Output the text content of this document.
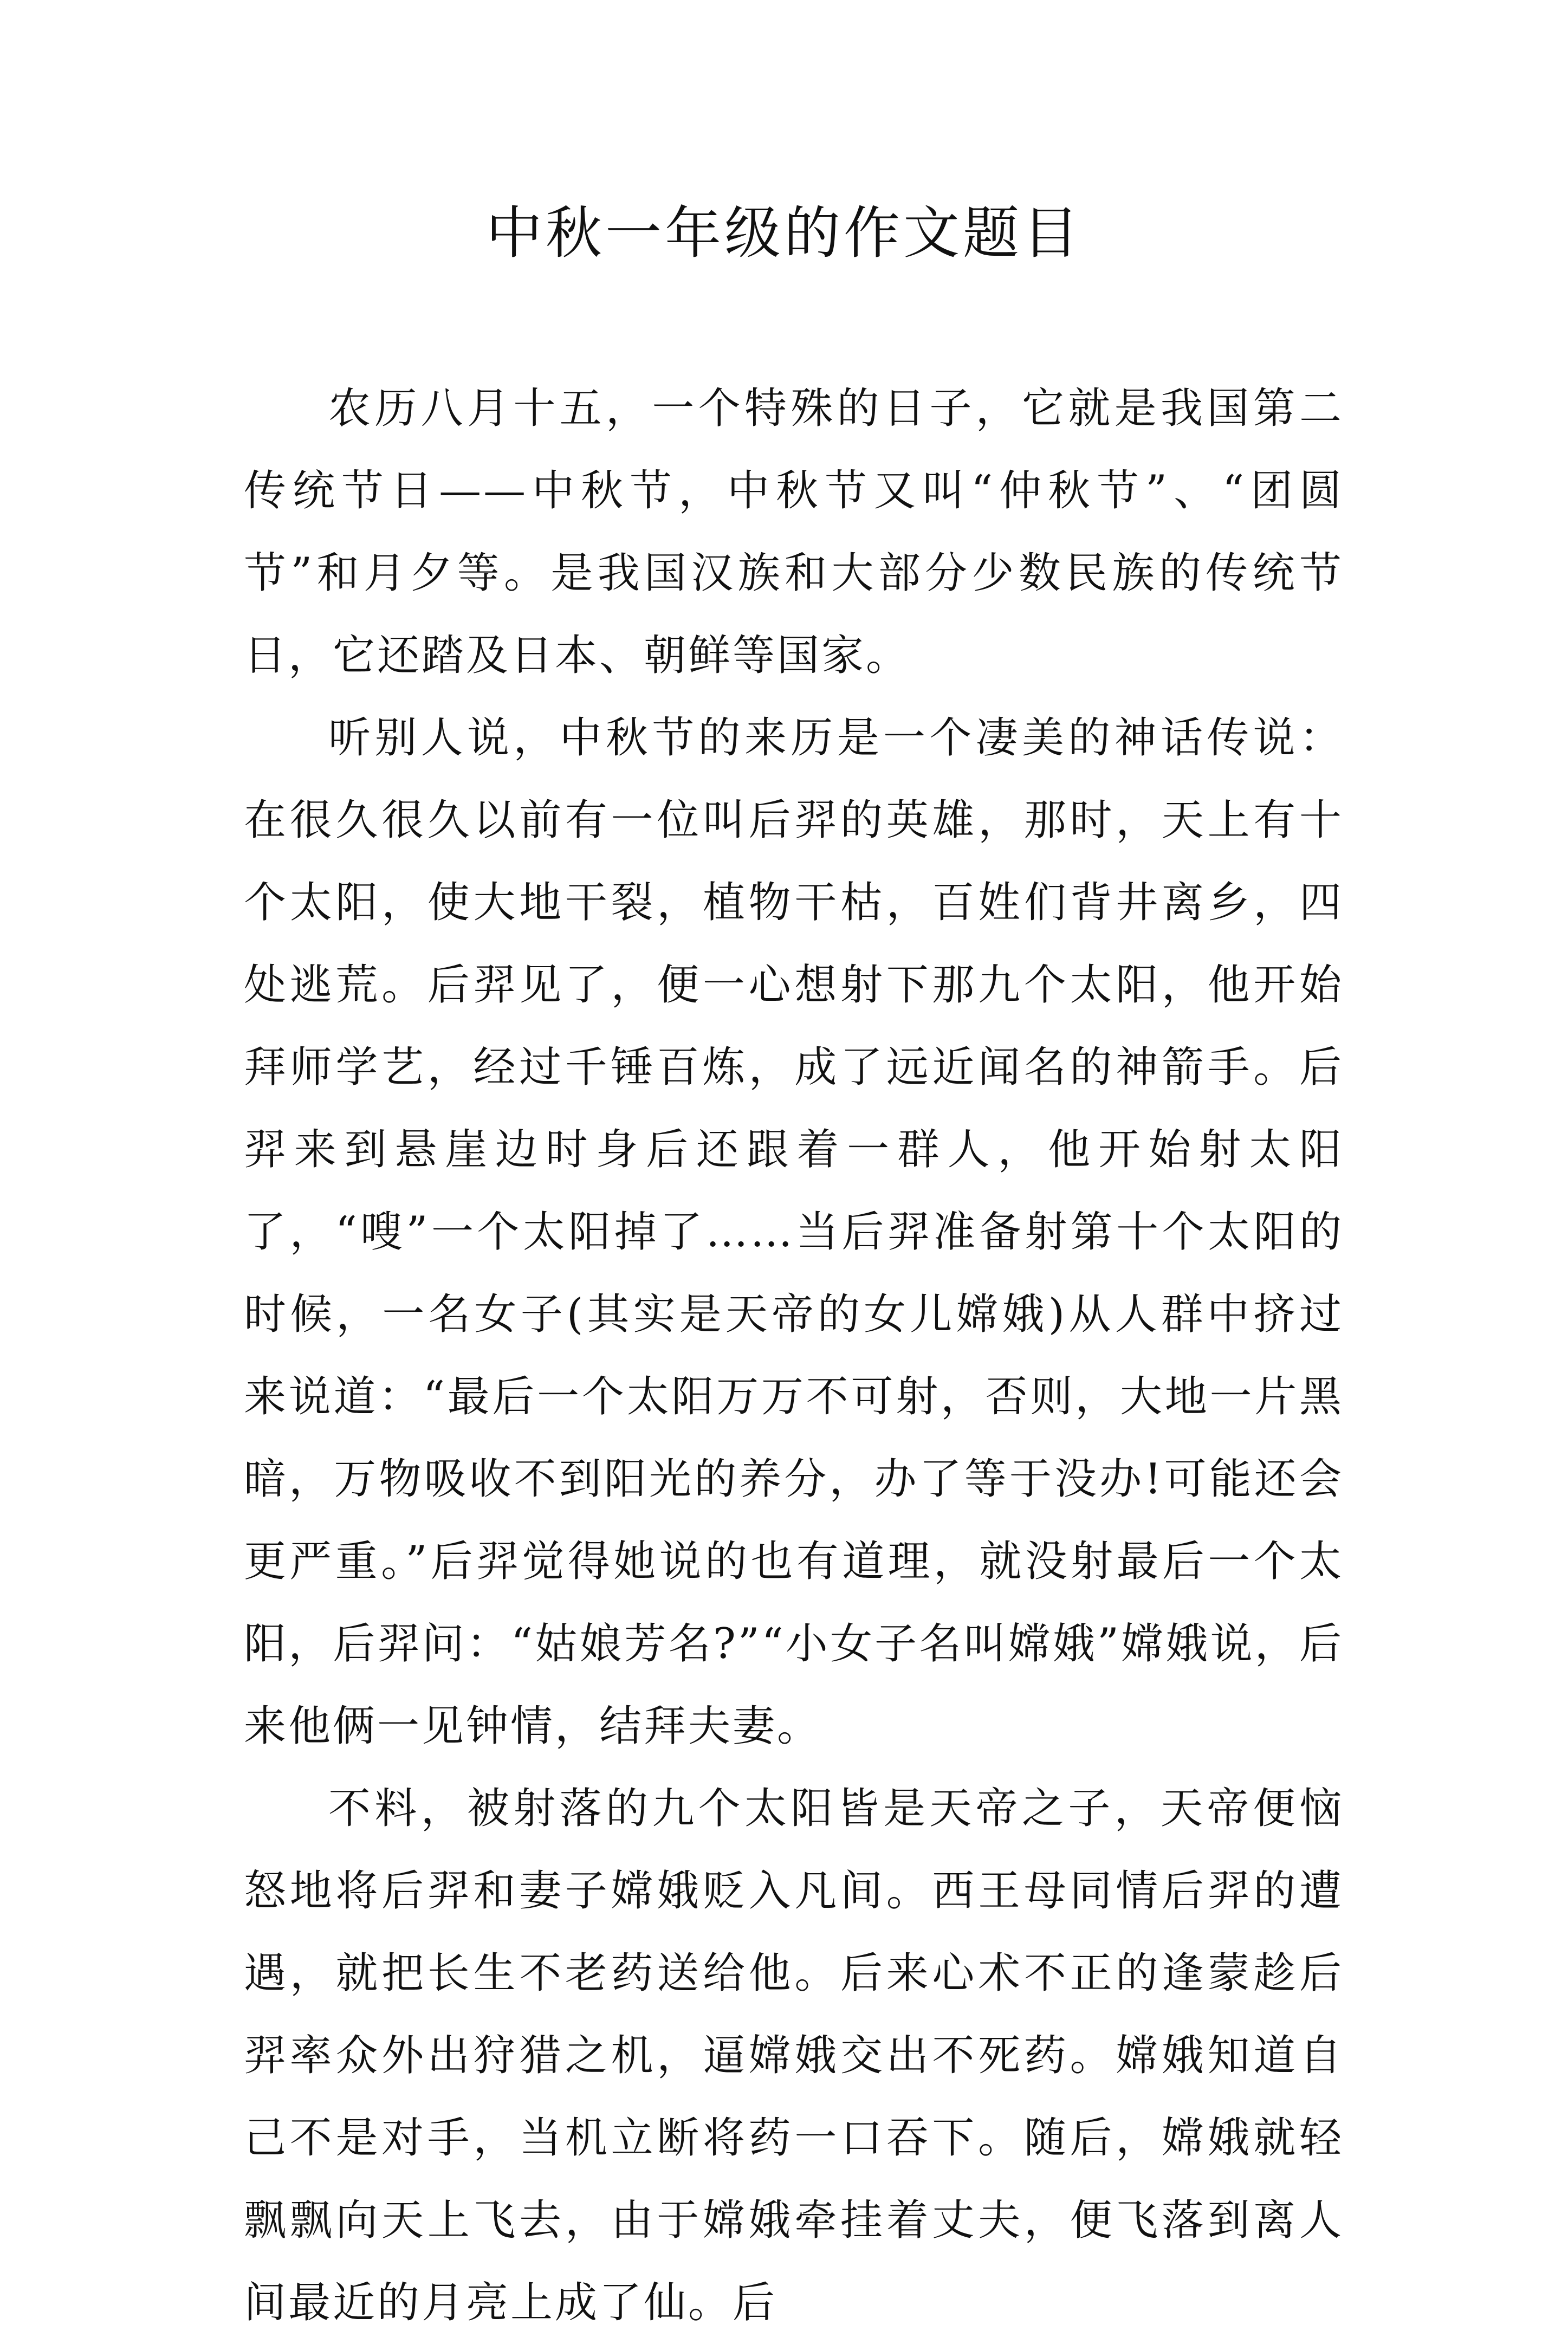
中秋一年级的作文题目

农历八月十五，一个特殊的日子，它就是我国第二传统节日——中秋节，中秋节又叫“仲秋节”、“团圆节”和月夕等。是我国汉族和大部分少数民族的传统节日，它还踏及日本、朝鲜等国家。

听别人说，中秋节的来历是一个凄美的神话传说：在很久很久以前有一位叫后羿的英雄，那时，天上有十个太阳，使大地干裂，植物干枯，百姓们背井离乡，四处逃荒。后羿见了，便一心想射下那九个太阳，他开始拜师学艺，经过千锤百炼，成了远近闻名的神箭手。后羿来到悬崖边时身后还跟着一群人，他开始射太阳了，“嗖”一个太阳掉了……当后羿准备射第十个太阳的时候，一名女子(其实是天帝的女儿嫦娥)从人群中挤过来说道：“最后一个太阳万万不可射，否则，大地一片黑暗，万物吸收不到阳光的养分，办了等于没办!可能还会更严重。”后羿觉得她说的也有道理，就没射最后一个太阳，后羿问：“姑娘芳名?”“小女子名叫嫦娥”嫦娥说，后来他俩一见钟情，结拜夫妻。

不料，被射落的九个太阳皆是天帝之子，天帝便恼怒地将后羿和妻子嫦娥贬入凡间。西王母同情后羿的遭遇，就把长生不老药送给他。后来心术不正的逢蒙趁后羿率众外出狩猎之机，逼嫦娥交出不死药。嫦娥知道自己不是对手，当机立断将药一口吞下。随后，嫦娥就轻飘飘向天上飞去，由于嫦娥牵挂着丈夫，便飞落到离人间最近的月亮上成了仙。后
